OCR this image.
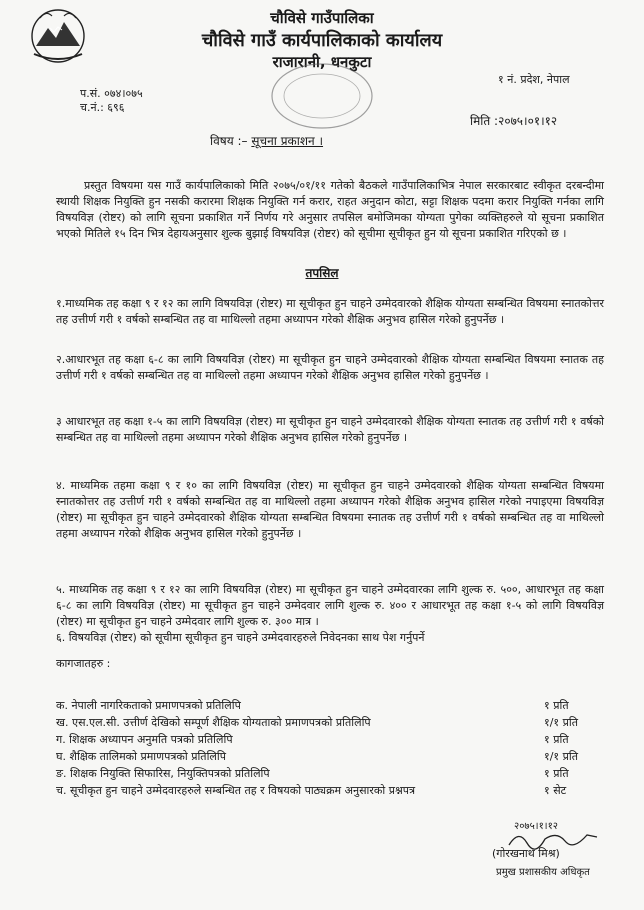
चौविसे गाउँपालिका
चौविसे गाउँ कार्यपालिकाको कार्यालय
राजारानी, धनकुटा
प.सं. ०७४।०७५
च.नं.: ६९६
१ नं. प्रदेश, नेपाल
मिति :२०७५।०१।१२
विषय :– सूचना प्रकाशन ।
प्रस्तुत विषयमा यस गाउँ कार्यपालिकाको मिति २०७५/०१/११ गतेको बैठकले गाउँपालिकाभित्र नेपाल सरकारबाट स्वीकृत दरबन्दीमा स्थायी शिक्षक नियुक्ति हुन नसकी करारमा शिक्षक नियुक्ति गर्न करार, राहत अनुदान कोटा, सट्टा शिक्षक पदमा करार नियुक्ति गर्नका लागि विषयविज्ञ (रोष्टर) को लागि सूचना प्रकाशित गर्ने निर्णय गरे अनुसार तपसिल बमोजिमका योग्यता पुगेका व्यक्तिहरुले यो सूचना प्रकाशित भएको मितिले १५ दिन भित्र देहायअनुसार शुल्क बुझाई विषयविज्ञ (रोष्टर) को सूचीमा सूचीकृत हुन यो सूचना प्रकाशित गरिएको छ ।
तपसिल
१.माध्यमिक तह कक्षा ९ र १२ का लागि विषयविज्ञ (रोष्टर) मा सूचीकृत हुन चाहने उम्मेदवारको शैक्षिक योग्यता सम्बन्धित विषयमा स्नातकोत्तर तह उत्तीर्ण गरी १ वर्षको सम्बन्धित तह वा माथिल्लो तहमा अध्यापन गरेको शैक्षिक अनुभव हासिल गरेको हुनुपर्नेछ ।
२.आधारभूत तह कक्षा ६-८ का लागि विषयविज्ञ (रोष्टर) मा सूचीकृत हुन चाहने उम्मेदवारको शैक्षिक योग्यता सम्बन्धित विषयमा स्नातक तह उत्तीर्ण गरी १ वर्षको सम्बन्धित तह वा माथिल्लो तहमा अध्यापन गरेको शैक्षिक अनुभव हासिल गरेको हुनुपर्नेछ ।
३ आधारभूत तह कक्षा १-५ का लागि विषयविज्ञ (रोष्टर) मा सूचीकृत हुन चाहने उम्मेदवारको शैक्षिक योग्यता स्नातक तह उत्तीर्ण गरी १ वर्षको सम्बन्धित तह वा माथिल्लो तहमा अध्यापन गरेको शैक्षिक अनुभव हासिल गरेको हुनुपर्नेछ ।
४. माध्यमिक तहमा कक्षा ९ र १० का लागि विषयविज्ञ (रोष्टर) मा सूचीकृत हुन चाहने उम्मेदवारको शैक्षिक योग्यता सम्बन्धित विषयमा स्नातकोत्तर तह उत्तीर्ण गरी १ वर्षको सम्बन्धित तह वा माथिल्लो तहमा अध्यापन गरेको शैक्षिक अनुभव हासिल गरेको नपाइएमा विषयविज्ञ (रोष्टर) मा सूचीकृत हुन चाहने उम्मेदवारको शैक्षिक योग्यता सम्बन्धित विषयमा स्नातक तह उत्तीर्ण गरी १ वर्षको सम्बन्धित तह वा माथिल्लो तहमा अध्यापन गरेको शैक्षिक अनुभव हासिल गरेको हुनुपर्नेछ ।
५. माध्यमिक तह कक्षा ९ र १२ का लागि विषयविज्ञ (रोष्टर) मा सूचीकृत हुन चाहने उम्मेदवारका लागि शुल्क रु. ५००, आधारभूत तह कक्षा ६-८ का लागि विषयविज्ञ (रोष्टर) मा सूचीकृत हुन चाहने उम्मेदवार लागि शुल्क रु. ४०० र आधारभूत तह कक्षा १-५ को लागि विषयविज्ञ (रोष्टर) मा सूचीकृत हुन चाहने उम्मेदवार लागि शुल्क रु. ३०० मात्र ।
६. विषयविज्ञ (रोष्टर) को सूचीमा सूचीकृत हुन चाहने उम्मेदवारहरुले निवेदनका साथ पेश गर्नुपर्ने
कागजातहरु :
क. नेपाली नागरिकताको प्रमाणपत्रको प्रतिलिपि	१ प्रति
ख. एस.एल.सी. उत्तीर्ण देखिको सम्पूर्ण शैक्षिक योग्यताको प्रमाणपत्रको प्रतिलिपि	१/१ प्रति
ग. शिक्षक अध्यापन अनुमति पत्रको प्रतिलिपि	१ प्रति
घ. शैक्षिक तालिमको प्रमाणपत्रको प्रतिलिपि	१/१ प्रति
ङ. शिक्षक नियुक्ति सिफारिस, नियुक्तिपत्रको प्रतिलिपि	१ प्रति
च. सूचीकृत हुन चाहने उम्मेदवारहरुले सम्बन्धित तह र विषयको पाठ्यक्रम अनुसारको प्रश्नपत्र	१ सेट
२०७५।१।१२
(गोरखनाथ मिश्र)
प्रमुख प्रशासकीय अधिकृत
